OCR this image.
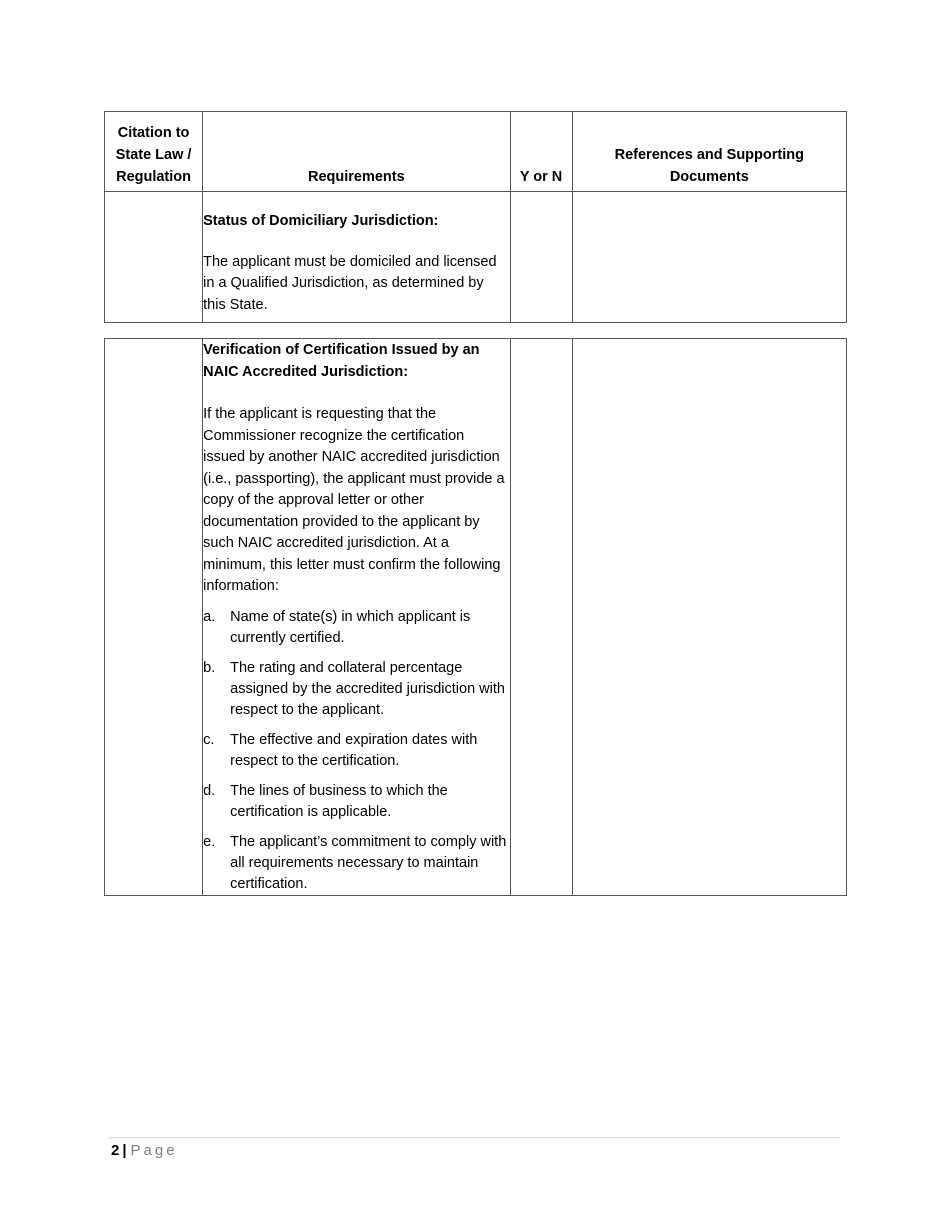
Citation to
State Law /
Regulation	Requirements	Y or N	References and Supporting
Documents

	Status of Domiciliary Jurisdiction:

The applicant must be domiciled and licensed in a Qualified Jurisdiction, as determined by this State.		

Verification of Certification Issued by an NAIC Accredited Jurisdiction:

If the applicant is requesting that the Commissioner recognize the certification issued by another NAIC accredited jurisdiction (i.e., passporting), the applicant must provide a copy of the approval letter or other documentation provided to the applicant by such NAIC accredited jurisdiction. At a minimum, this letter must confirm the following information:

a.	Name of state(s) in which applicant is currently certified.
b.	The rating and collateral percentage assigned by the accredited jurisdiction with respect to the applicant.
c.	The effective and expiration dates with respect to the certification.
d.	The lines of business to which the certification is applicable.
e.	The applicant’s commitment to comply with all requirements necessary to maintain certification.

2 | Page
